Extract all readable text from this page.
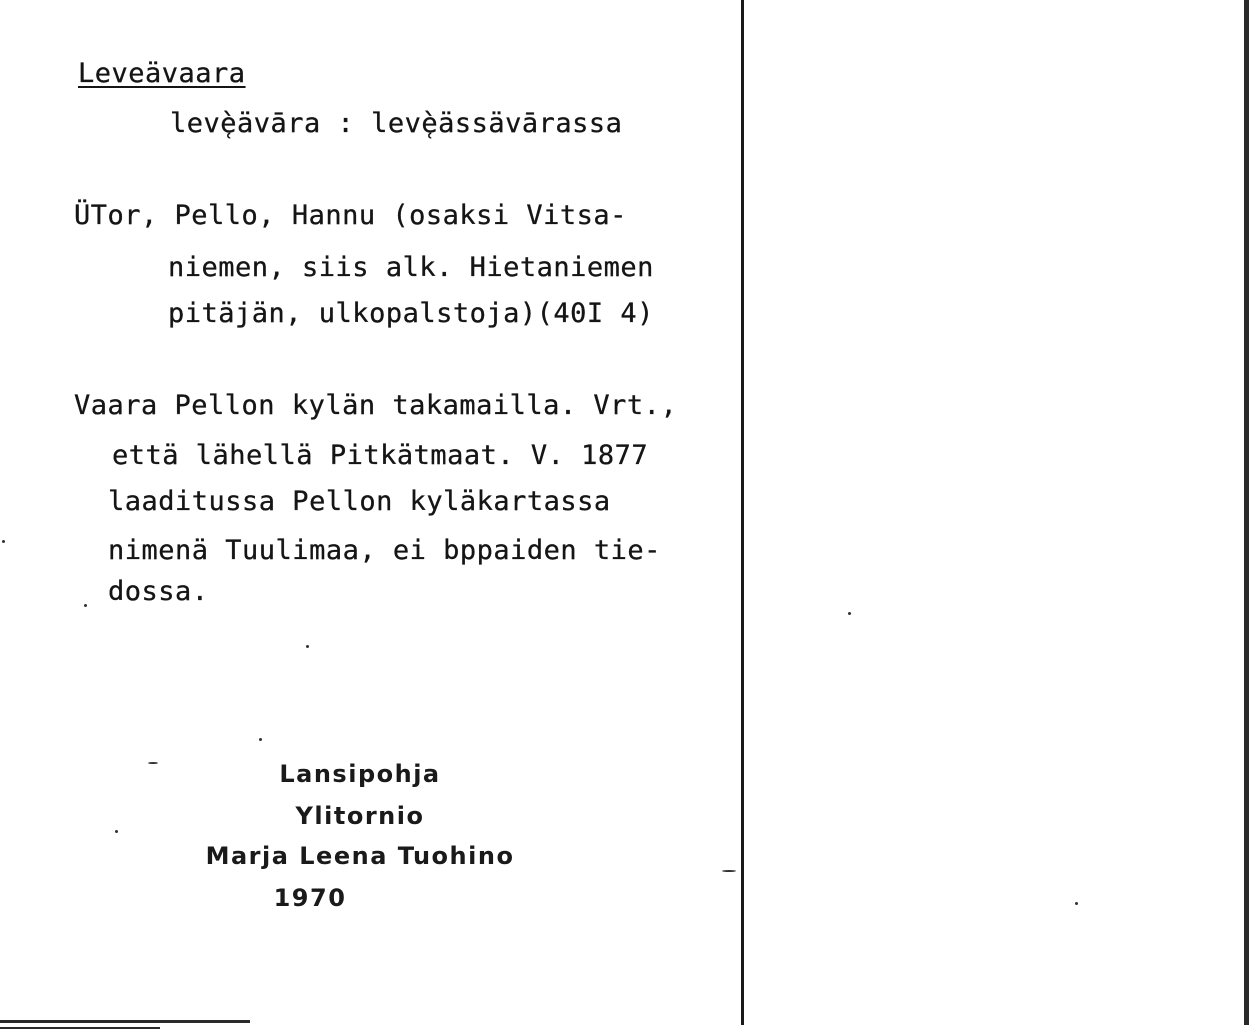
Leveävaara
levè̜ävāra : levè̜ässävārassa
ÜTor, Pello, Hannu (osaksi Vitsa-
niemen, siis alk. Hietaniemen
pitäjän, ulkopalstoja)(40I 4)
Vaara Pellon kylän takamailla. Vrt.,
että lähellä Pitkätmaat. V. 1877
laaditussa Pellon kyläkartassa
nimenä Tuulimaa, ei bppaiden tie-
dossa.
Lansipohja
Ylitornio
Marja Leena Tuohino
1970
